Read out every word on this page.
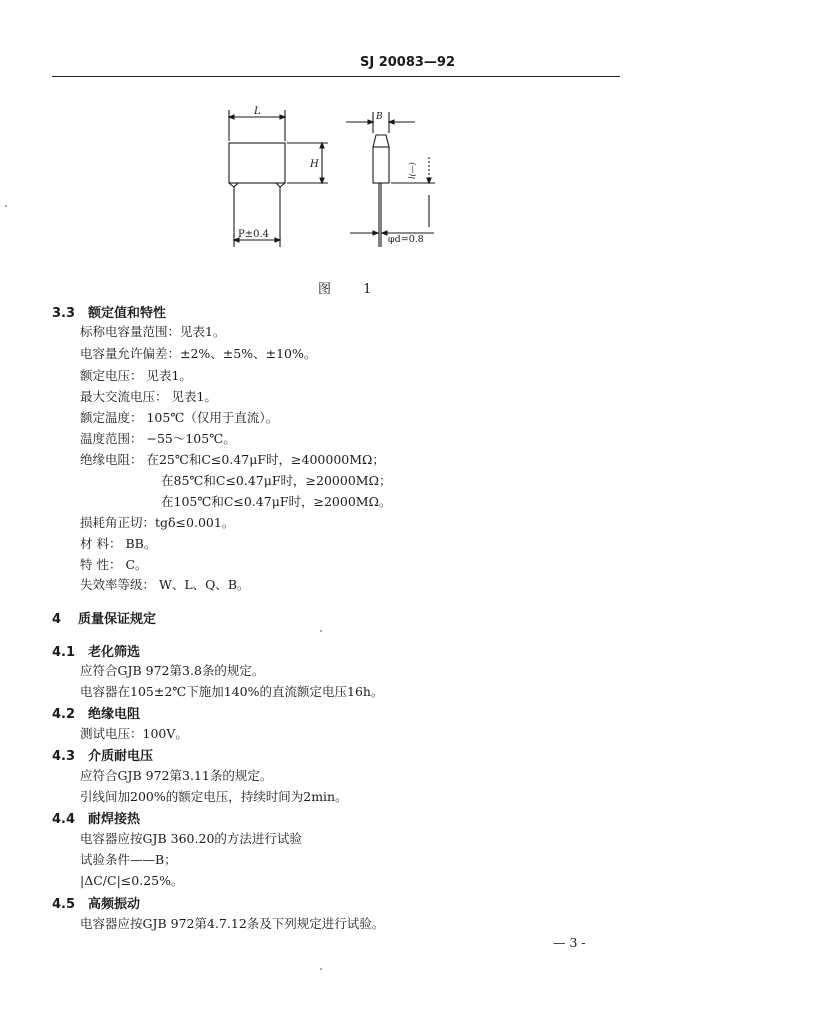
SJ 20083—92
L
H
P±0.4
B
l(—)
φd=0.8
图 1
3.3 额定值和特性
标称电容量范围：见表1。
电容量允许偏差：±2%、±5%、±10%。
额定电压： 见表1。
最大交流电压： 见表1。
额定温度： 105℃（仅用于直流）。
温度范围： −55～105℃。
绝缘电阻： 在25℃和C≤0.47μF时，≥400000MΩ；
在85℃和C≤0.47μF时，≥20000MΩ；
在105℃和C≤0.47μF时，≥2000MΩ。
损耗角正切：tgδ≤0.001。
材 料： BB。
特 性： C。
失效率等级： W、L、Q、B。
4 质量保证规定
4.1 老化筛选
应符合GJB 972第3.8条的规定。
电容器在105±2℃下施加140%的直流额定电压16h。
4.2 绝缘电阻
测试电压：100V。
4.3 介质耐电压
应符合GJB 972第3.11条的规定。
引线间加200%的额定电压，持续时间为2min。
4.4 耐焊接热
电容器应按GJB 360.20的方法进行试验
试验条件——B；
|ΔC/C|≤0.25%。
4.5 高频振动
电容器应按GJB 972第4.7.12条及下列规定进行试验。
— 3 -
